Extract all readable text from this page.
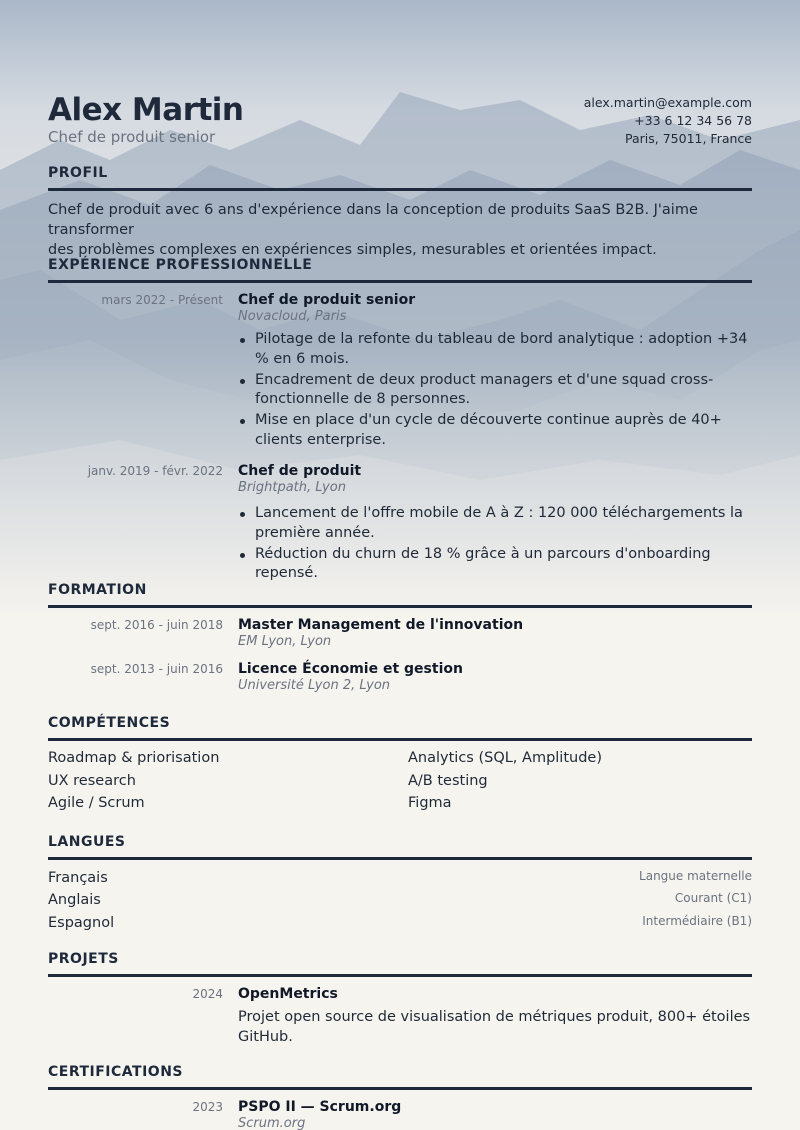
Alex Martin
Chef de produit senior
alex.martin@example.com
+33 6 12 34 56 78
Paris, 75011, France
PROFIL
Chef de produit avec 6 ans d'expérience dans la conception de produits SaaS B2B. J'aime transformer
des problèmes complexes en expériences simples, mesurables et orientées impact.
EXPÉRIENCE PROFESSIONNELLE
mars 2022 - Présent Chef de produit senior
Novacloud, Paris
Pilotage de la refonte du tableau de bord analytique : adoption +34 % en 6 mois.
Encadrement de deux product managers et d'une squad cross-fonctionnelle de 8 personnes.
Mise en place d'un cycle de découverte continue auprès de 40+ clients enterprise.
janv. 2019 - févr. 2022 Chef de produit
Brightpath, Lyon
Lancement de l'offre mobile de A à Z : 120 000 téléchargements la première année.
Réduction du churn de 18 % grâce à un parcours d'onboarding repensé.
FORMATION
sept. 2016 - juin 2018 Master Management de l'innovation
EM Lyon, Lyon
sept. 2013 - juin 2016 Licence Économie et gestion
Université Lyon 2, Lyon
COMPÉTENCES
Roadmap & priorisation	Analytics (SQL, Amplitude)
UX research	A/B testing
Agile / Scrum	Figma
LANGUES
Français	Langue maternelle
Anglais	Courant (C1)
Espagnol	Intermédiaire (B1)
PROJETS
2024 OpenMetrics
Projet open source de visualisation de métriques produit, 800+ étoiles GitHub.
CERTIFICATIONS
2023 PSPO II — Scrum.org
Scrum.org
